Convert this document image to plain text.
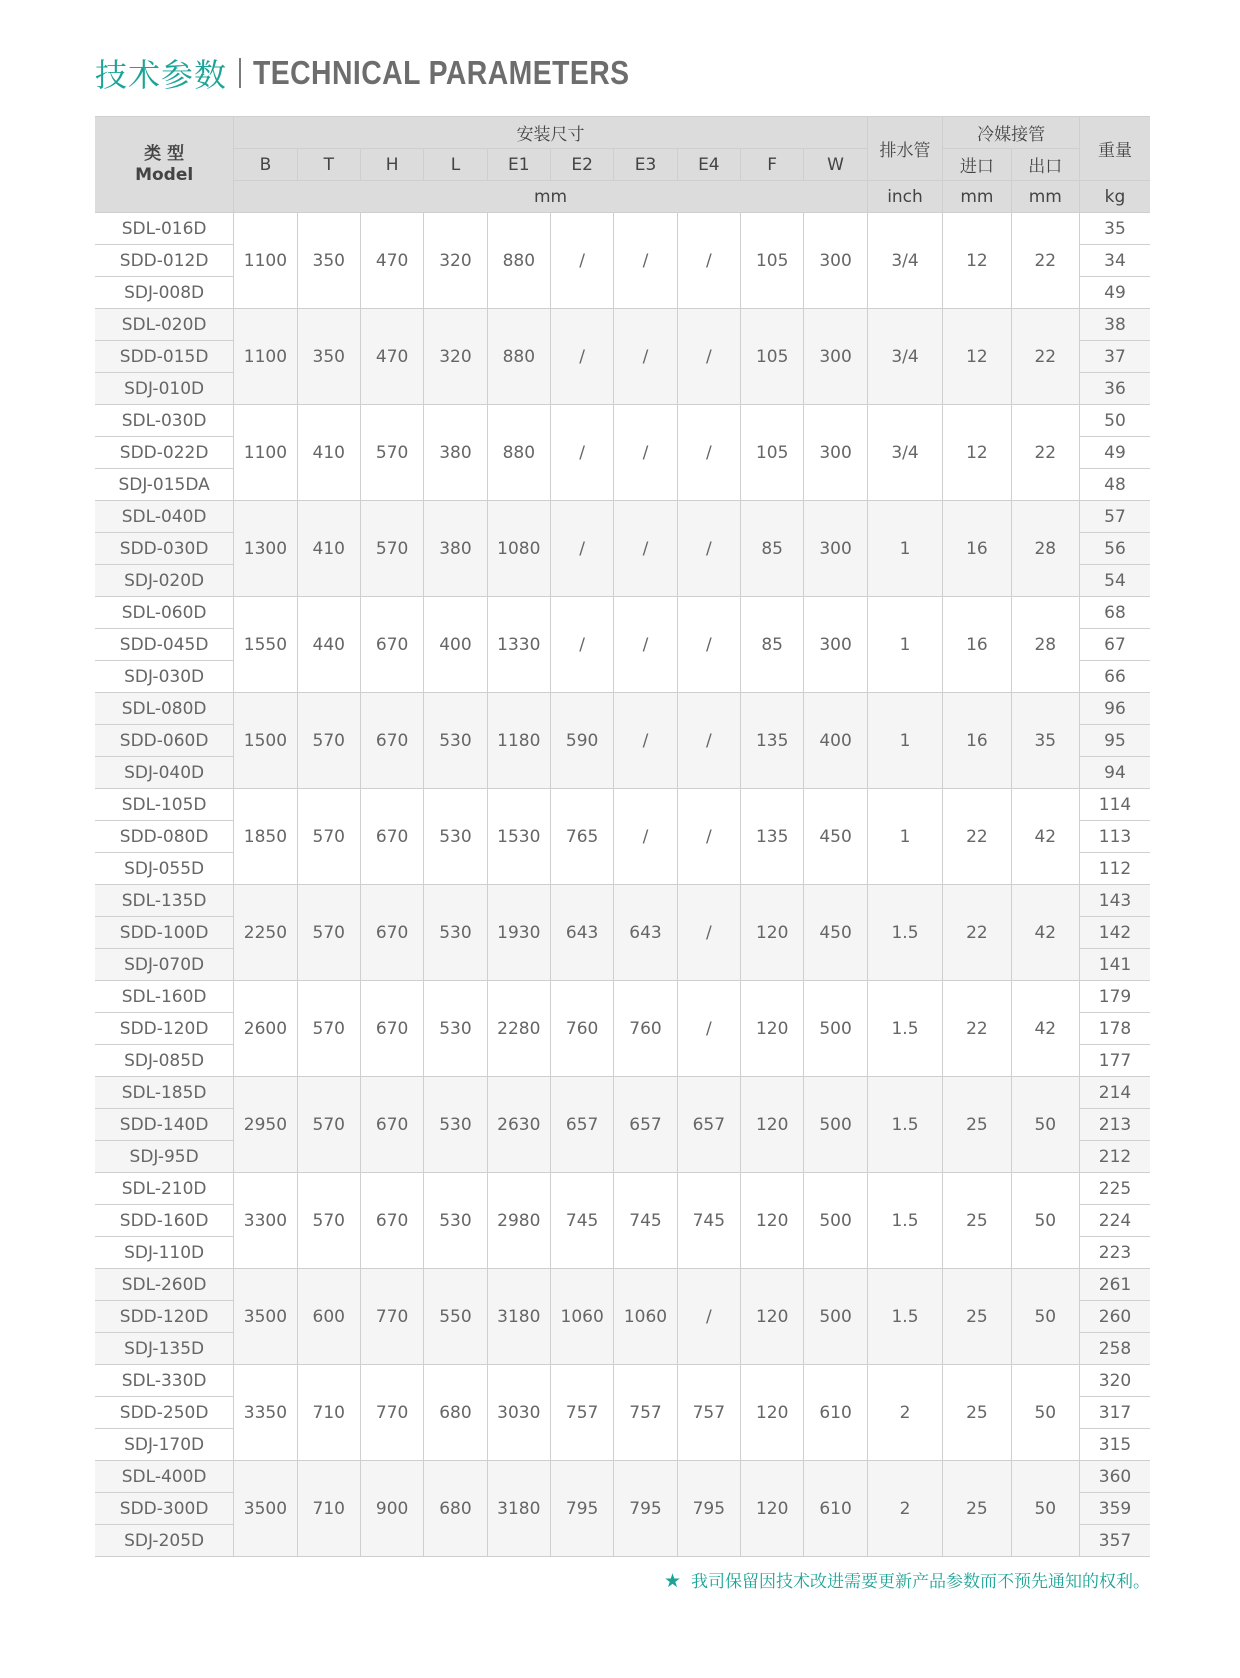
技术参数 TECHNICAL PARAMETERS
类 型
Model	安装尺寸										排水管	冷媒接管		重量
	B	T	H	L	E1	E2	E3	E4	F	W		进口	出口	
	mm										inch	mm	mm	kg
SDL-016D	1100	350	470	320	880	/	/	/	105	300	3/4	12	22	35
SDD-012D														34
SDJ-008D														49
SDL-020D	1100	350	470	320	880	/	/	/	105	300	3/4	12	22	38
SDD-015D														37
SDJ-010D														36
SDL-030D	1100	410	570	380	880	/	/	/	105	300	3/4	12	22	50
SDD-022D														49
SDJ-015DA														48
SDL-040D	1300	410	570	380	1080	/	/	/	85	300	1	16	28	57
SDD-030D														56
SDJ-020D														54
SDL-060D	1550	440	670	400	1330	/	/	/	85	300	1	16	28	68
SDD-045D														67
SDJ-030D														66
SDL-080D	1500	570	670	530	1180	590	/	/	135	400	1	16	35	96
SDD-060D														95
SDJ-040D														94
SDL-105D	1850	570	670	530	1530	765	/	/	135	450	1	22	42	114
SDD-080D														113
SDJ-055D														112
SDL-135D	2250	570	670	530	1930	643	643	/	120	450	1.5	22	42	143
SDD-100D														142
SDJ-070D														141
SDL-160D	2600	570	670	530	2280	760	760	/	120	500	1.5	22	42	179
SDD-120D														178
SDJ-085D														177
SDL-185D	2950	570	670	530	2630	657	657	657	120	500	1.5	25	50	214
SDD-140D														213
SDJ-95D														212
SDL-210D	3300	570	670	530	2980	745	745	745	120	500	1.5	25	50	225
SDD-160D														224
SDJ-110D														223
SDL-260D	3500	600	770	550	3180	1060	1060	/	120	500	1.5	25	50	261
SDD-120D														260
SDJ-135D														258
SDL-330D	3350	710	770	680	3030	757	757	757	120	610	2	25	50	320
SDD-250D														317
SDJ-170D														315
SDL-400D	3500	710	900	680	3180	795	795	795	120	610	2	25	50	360
SDD-300D														359
SDJ-205D														357
★ 我司保留因技术改进需要更新产品参数而不预先通知的权利。
